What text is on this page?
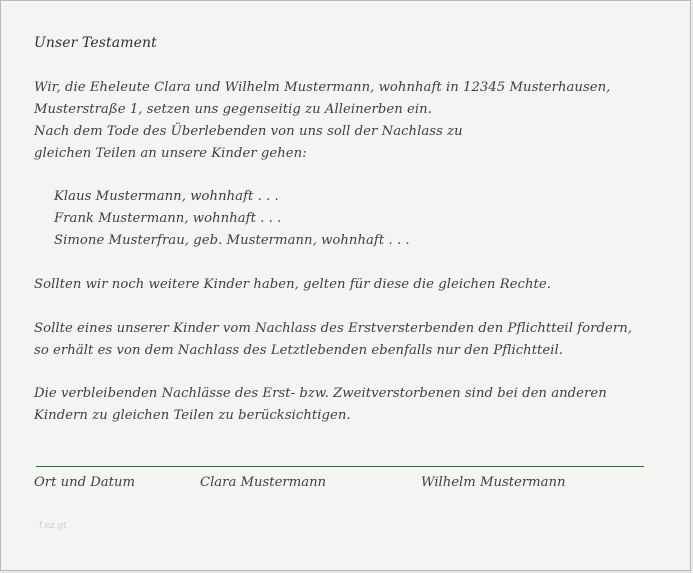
Unser Testament
Wir, die Eheleute Clara und Wilhelm Mustermann, wohnhaft in 12345 Musterhausen,
Musterstraße 1, setzen uns gegenseitig zu Alleinerben ein.
Nach dem Tode des Überlebenden von uns soll der Nachlass zu
gleichen Teilen an unsere Kinder gehen:
Klaus Mustermann, wohnhaft . . .
Frank Mustermann, wohnhaft . . .
Simone Musterfrau, geb. Mustermann, wohnhaft . . .
Sollten wir noch weitere Kinder haben, gelten für diese die gleichen Rechte.
Sollte eines unserer Kinder vom Nachlass des Erstversterbenden den Pflichtteil fordern,
so erhält es von dem Nachlass des Letztlebenden ebenfalls nur den Pflichtteil.
Die verbleibenden Nachlässe des Erst- bzw. Zweitverstorbenen sind bei den anderen
Kindern zu gleichen Teilen zu berücksichtigen.
Ort und Datum	Clara Mustermann	Wilhelm Mustermann
f.ez.gt
